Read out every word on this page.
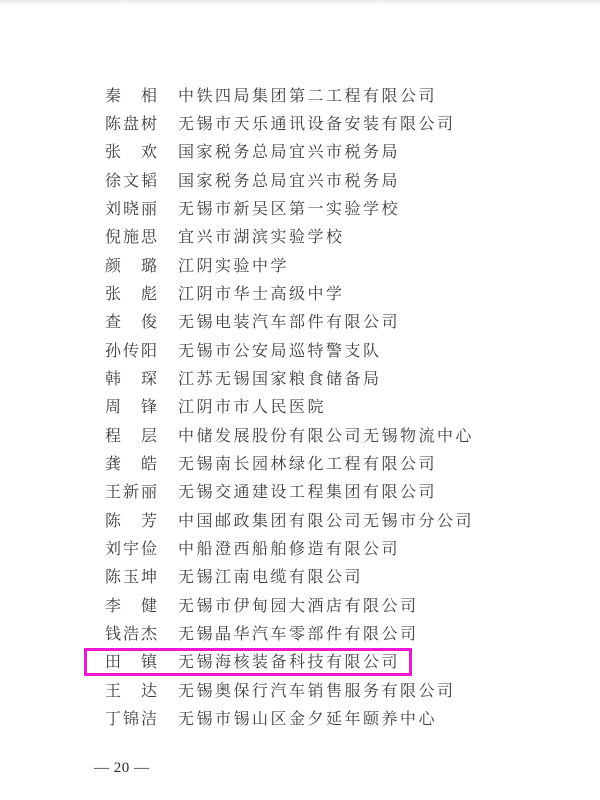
秦　相 中铁四局集团第二工程有限公司
陈盘树 无锡市天乐通讯设备安装有限公司
张　欢 国家税务总局宜兴市税务局
徐文韬 国家税务总局宜兴市税务局
刘晓丽 无锡市新吴区第一实验学校
倪施思 宜兴市湖滨实验学校
颜　璐 江阴实验中学
张　彪 江阴市华士高级中学
查　俊 无锡电装汽车部件有限公司
孙传阳 无锡市公安局巡特警支队
韩　琛 江苏无锡国家粮食储备局
周　锋 江阴市市人民医院
程　层 中储发展股份有限公司无锡物流中心
龚　皓 无锡南长园林绿化工程有限公司
王新丽 无锡交通建设工程集团有限公司
陈　芳 中国邮政集团有限公司无锡市分公司
刘宇俭 中船澄西船舶修造有限公司
陈玉坤 无锡江南电缆有限公司
李　健 无锡市伊甸园大酒店有限公司
钱浩杰 无锡晶华汽车零部件有限公司
田　镇 无锡海核装备科技有限公司
王　达 无锡奥保行汽车销售服务有限公司
丁锦洁 无锡市锡山区金夕延年颐养中心
— 20 —
